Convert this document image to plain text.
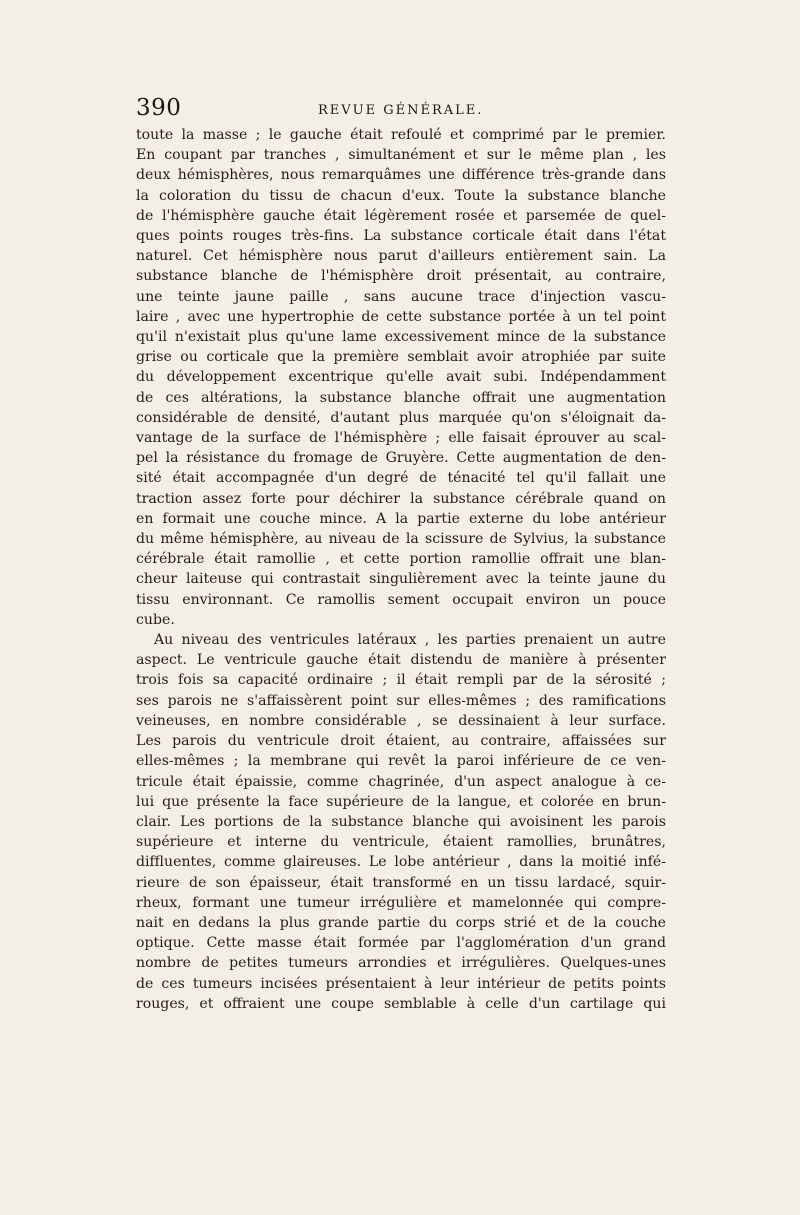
390	REVUE GÉNÉRALE.
toute la masse ; le gauche était refoulé et comprimé par le premier.
En coupant par tranches , simultanément et sur le même plan , les
deux hémisphères, nous remarquâmes une différence très-grande dans
la coloration du tissu de chacun d'eux. Toute la substance blanche
de l'hémisphère gauche était légèrement rosée et parsemée de quel-
ques points rouges très-fins. La substance corticale était dans l'état
naturel. Cet hémisphère nous parut d'ailleurs entièrement sain. La
substance blanche de l'hémisphère droit présentait, au contraire,
une teinte jaune paille , sans aucune trace d'injection vascu-
laire , avec une hypertrophie de cette substance portée à un tel point
qu'il n'existait plus qu'une lame excessivement mince de la substance
grise ou corticale que la première semblait avoir atrophiée par suite
du développement excentrique qu'elle avait subi. Indépendamment
de ces altérations, la substance blanche offrait une augmentation
considérable de densité, d'autant plus marquée qu'on s'éloignait da-
vantage de la surface de l'hémisphère ; elle faisait éprouver au scal-
pel la résistance du fromage de Gruyère. Cette augmentation de den-
sité était accompagnée d'un degré de ténacité tel qu'il fallait une
traction assez forte pour déchirer la substance cérébrale quand on
en formait une couche mince. A la partie externe du lobe antérieur
du même hémisphère, au niveau de la scissure de Sylvius, la substance
cérébrale était ramollie , et cette portion ramollie offrait une blan-
cheur laiteuse qui contrastait singulièrement avec la teinte jaune du
tissu environnant. Ce ramollis sement occupait environ un pouce
cube.
Au niveau des ventricules latéraux , les parties prenaient un autre
aspect. Le ventricule gauche était distendu de manière à présenter
trois fois sa capacité ordinaire ; il était rempli par de la sérosité ;
ses parois ne s'affaissèrent point sur elles-mêmes ; des ramifications
veineuses, en nombre considérable , se dessinaient à leur surface.
Les parois du ventricule droit étaient, au contraire, affaissées sur
elles-mêmes ; la membrane qui revêt la paroi inférieure de ce ven-
tricule était épaissie, comme chagrinée, d'un aspect analogue à ce-
lui que présente la face supérieure de la langue, et colorée en brun-
clair. Les portions de la substance blanche qui avoisinent les parois
supérieure et interne du ventricule, étaient ramollies, brunâtres,
diffluentes, comme glaireuses. Le lobe antérieur , dans la moitié infé-
rieure de son épaisseur, était transformé en un tissu lardacé, squir-
rheux, formant une tumeur irrégulière et mamelonnée qui compre-
nait en dedans la plus grande partie du corps strié et de la couche
optique. Cette masse était formée par l'agglomération d'un grand
nombre de petites tumeurs arrondies et irrégulières. Quelques-unes
de ces tumeurs incisées présentaient à leur intérieur de petits points
rouges, et offraient une coupe semblable à celle d'un cartilage qui
